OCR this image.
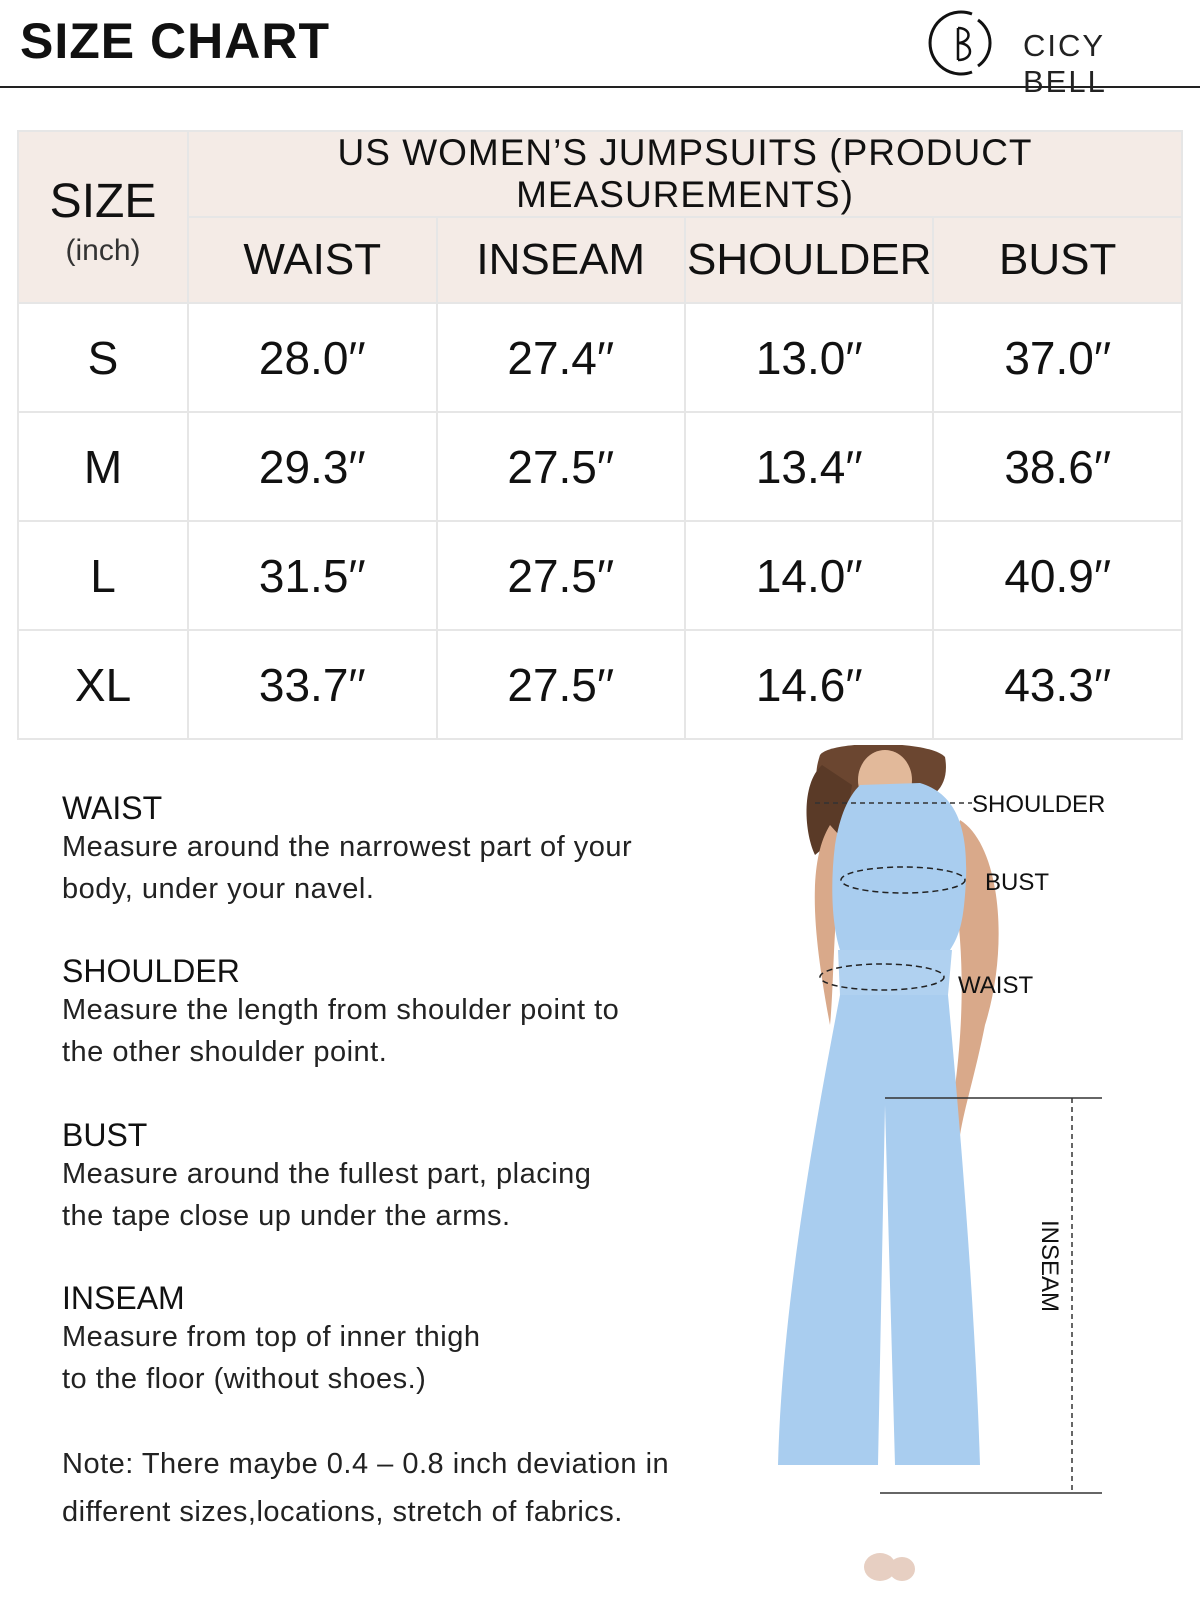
SIZE CHART	CICY BELL
SIZE
(inch)	US WOMEN’S JUMPSUITS (PRODUCT MEASUREMENTS)			
	WAIST	INSEAM	SHOULDER	BUST
S	28.0′′	27.4′′	13.0′′	37.0′′
M	29.3′′	27.5′′	13.4′′	38.6′′
L	31.5′′	27.5′′	14.0′′	40.9′′
XL	33.7′′	27.5′′	14.6′′	43.3′′
WAIST
Measure around the narrowest part of your
body, under your navel.
SHOULDER
Measure the length from shoulder point to
the other shoulder point.
BUST
Measure around the fullest part, placing
the tape close up under the arms.
INSEAM
Measure from top of inner thigh
to the floor (without shoes.)
Note: There maybe 0.4 – 0.8 inch deviation in
different sizes,locations, stretch of fabrics.
SHOULDER
BUST
WAIST
INSEAM
